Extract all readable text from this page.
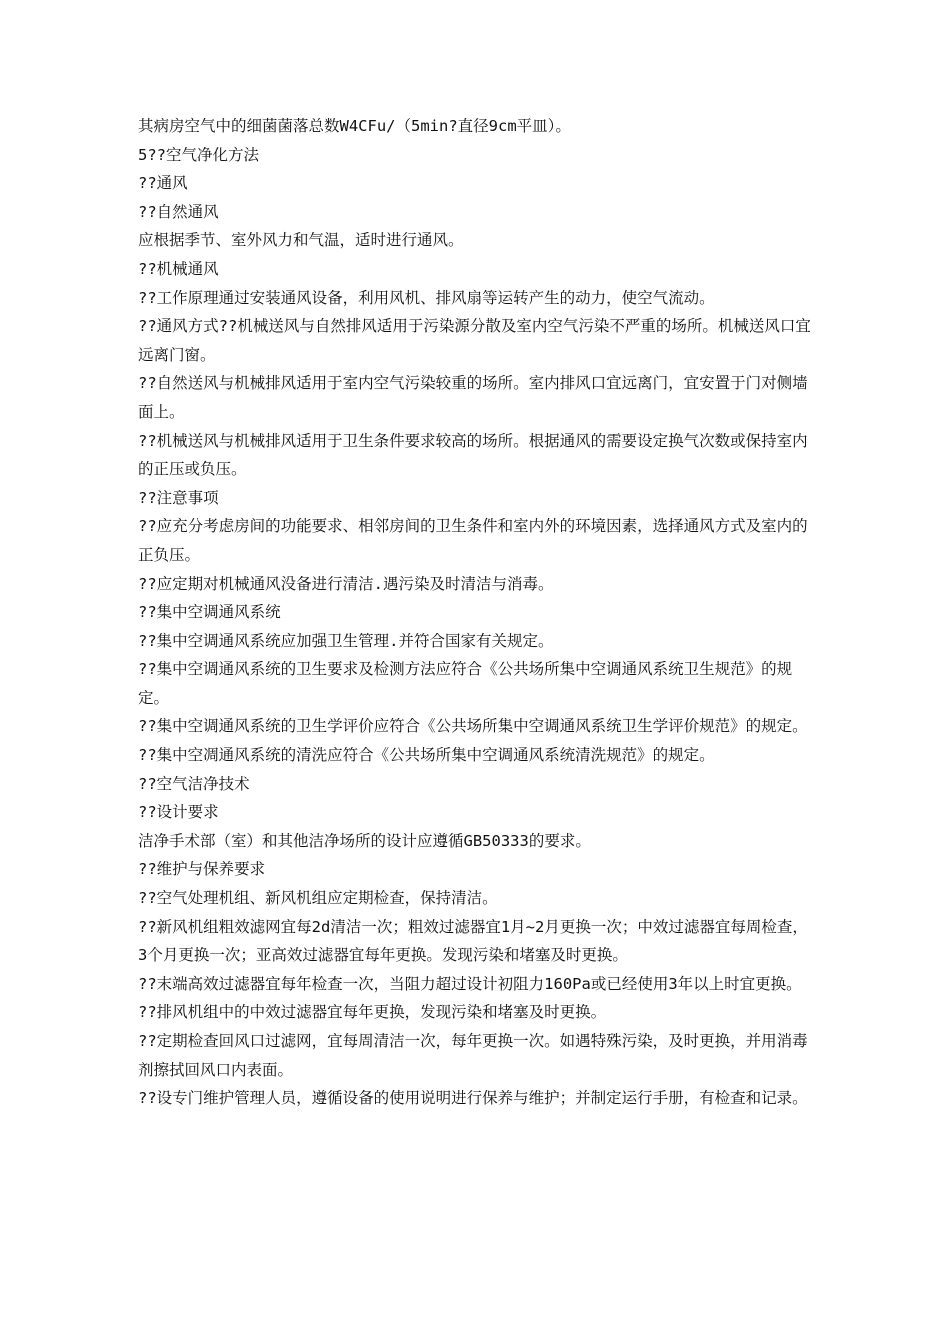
其病房空气中的细菌菌落总数W4CFu/（5min?直径9cm平皿）。

5??空气净化方法

??通风

??自然通风

应根据季节、室外风力和气温，适时进行通风。

??机械通风

??工作原理通过安装通风设备，利用风机、排风扇等运转产生的动力，使空气流动。

??通风方式??机械送风与自然排风适用于污染源分散及室内空气污染不严重的场所。机械送风口宜远离门窗。

??自然送风与机械排风适用于室内空气污染较重的场所。室内排风口宜远离门，宜安置于门对侧墙面上。

??机械送风与机械排风适用于卫生条件要求较高的场所。根据通风的需要设定换气次数或保持室内的正压或负压。

??注意事项

??应充分考虑房间的功能要求、相邻房间的卫生条件和室内外的环境因素，选择通风方式及室内的正负压。

??应定期对机械通风没备进行清洁.遇污染及时清洁与消毒。

??集中空调通风系统

??集中空调通风系统应加强卫生管理.并符合国家有关规定。

??集中空调通风系统的卫生要求及检测方法应符合《公共场所集中空调通风系统卫生规范》的规定。

??集中空调通风系统的卫生学评价应符合《公共场所集中空调通风系统卫生学评价规范》的规定。

??集中空凋通风系统的清洗应符合《公共场所集中空调通风系统清洗规范》的规定。

??空气洁净技术

??设计要求

洁净手术部（室）和其他洁净场所的设计应遵循GB50333的要求。

??维护与保养要求

??空气处理机组、新风机组应定期检查，保持清洁。

??新风机组粗效滤网宜每2d清洁一次；粗效过滤器宜1月~2月更换一次；中效过滤器宜每周检查，3个月更换一次；亚高效过滤器宜每年更换。发现污染和堵塞及时更换。

??末端高效过滤器宜每年检查一次，当阻力超过设计初阻力160Pa或已经使用3年以上时宜更换。

??排风机组中的中效过滤器宜每年更换，发现污染和堵塞及时更换。

??定期检查回风口过滤网，宜每周清洁一次，每年更换一次。如遇特殊污染，及时更换，并用消毒剂擦拭回风口内表面。

??设专门维护管理人员，遵循设备的使用说明进行保养与维护；并制定运行手册，有检查和记录。
